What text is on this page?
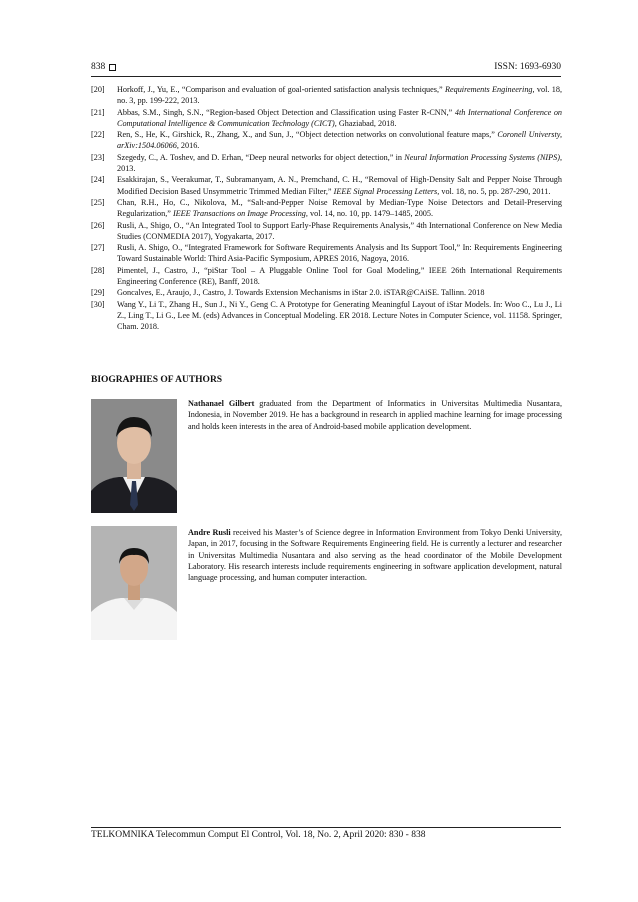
838	ISSN: 1693-6930
[20]	Horkoff, J., Yu, E., “Comparison and evaluation of goal-oriented satisfaction analysis techniques,” Requirements Engineering, vol. 18, no. 3, pp. 199-222, 2013.
[21]	Abbas, S.M., Singh, S.N., “Region-based Object Detection and Classification using Faster R-CNN,” 4th International Conference on Computational Intelligence & Communication Technology (CICT), Ghaziabad, 2018.
[22]	Ren, S., He, K., Girshick, R., Zhang, X., and Sun, J., “Object detection networks on convolutional feature maps,” Coronell Universty, arXiv:1504.06066, 2016.
[23]	Szegedy, C., A. Toshev, and D. Erhan, “Deep neural networks for object detection,” in Neural Information Processing Systems (NIPS), 2013.
[24]	Esakkirajan, S., Veerakumar, T., Subramanyam, A. N., Premchand, C. H., “Removal of High-Density Salt and Pepper Noise Through Modified Decision Based Unsymmetric Trimmed Median Filter,” IEEE Signal Processing Letters, vol. 18, no. 5, pp. 287-290, 2011.
[25]	Chan, R.H., Ho, C., Nikolova, M., “Salt-and-Pepper Noise Removal by Median-Type Noise Detectors and Detail-Preserving Regularization,” IEEE Transactions on Image Processing, vol. 14, no. 10, pp. 1479–1485, 2005.
[26]	Rusli, A., Shigo, O., “An Integrated Tool to Support Early-Phase Requirements Analysis,” 4th International Conference on New Media Studies (CONMEDIA 2017), Yogyakarta, 2017.
[27]	Rusli, A. Shigo, O., “Integrated Framework for Software Requirements Analysis and Its Support Tool,” In: Requirements Engineering Toward Sustainable World: Third Asia-Pacific Symposium, APRES 2016, Nagoya, 2016.
[28]	Pimentel, J., Castro, J., “piStar Tool – A Pluggable Online Tool for Goal Modeling,” IEEE 26th International Requirements Engineering Conference (RE), Banff, 2018.
[29]	Goncalves, E., Araujo, J., Castro, J. Towards Extension Mechanisms in iStar 2.0. iSTAR@CAiSE. Tallinn. 2018
[30]	Wang Y., Li T., Zhang H., Sun J., Ni Y., Geng C. A Prototype for Generating Meaningful Layout of iStar Models. In: Woo C., Lu J., Li Z., Ling T., Li G., Lee M. (eds) Advances in Conceptual Modeling. ER 2018. Lecture Notes in Computer Science, vol. 11158. Springer, Cham. 2018.
BIOGRAPHIES OF AUTHORS
Nathanael Gilbert graduated from the Department of Informatics in Universitas Multimedia Nusantara, Indonesia, in November 2019. He has a background in research in applied machine learning for image processing and holds keen interests in the area of Android-based mobile application development.
Andre Rusli received his Master’s of Science degree in Information Environment from Tokyo Denki University, Japan, in 2017, focusing in the Software Requirements Engineering field. He is currently a lecturer and researcher in Universitas Multimedia Nusantara and also serving as the head coordinator of the Mobile Development Laboratory. His research interests include requirements engineering in software application development, natural language processing, and human computer interaction.
TELKOMNIKA Telecommun Comput El Control, Vol. 18, No. 2, April 2020: 830 - 838
